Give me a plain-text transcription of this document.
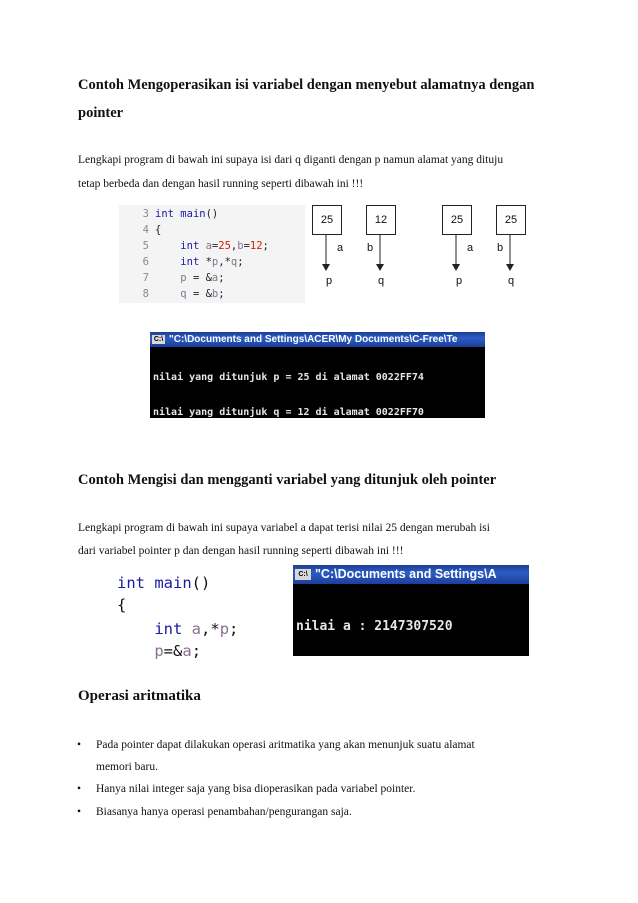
Contoh Mengoperasikan isi variabel dengan menyebut alamatnya dengan
pointer
Lengkapi program di bawah ini supaya isi dari q diganti dengan p namun alamat yang dituju
tetap berbeda dan dengan hasil running seperti dibawah ini !!!
3 int main()
4 {
5	int a=25,b=12;
6	int *p,*q;
7	p = &a;
8	q = &b;
25	12
a b
p	q
25	25
a b
p	q
C:\ "C:\Documents and Settings\ACER\My Documents\C-Free\Te

nilai yang ditunjuk p = 25 di alamat 0022FF74

nilai yang ditunjuk q = 12 di alamat 0022FF70

Contoh Mengisi dan mengganti variabel yang ditunjuk oleh pointer
Lengkapi program di bawah ini supaya variabel a dapat terisi nilai 25 dengan merubah isi
dari variabel pointer p dan dengan hasil running seperti dibawah ini !!!
int main()
{
int a,*p;
p=&a;
C:\ "C:\Documents and Settings\A

nilai a : 2147307520

Operasi aritmatika
• Pada pointer dapat dilakukan operasi aritmatika yang akan menunjuk suatu alamat
memori baru.
• Hanya nilai integer saja yang bisa dioperasikan pada variabel pointer.
• Biasanya hanya operasi penambahan/pengurangan saja.
